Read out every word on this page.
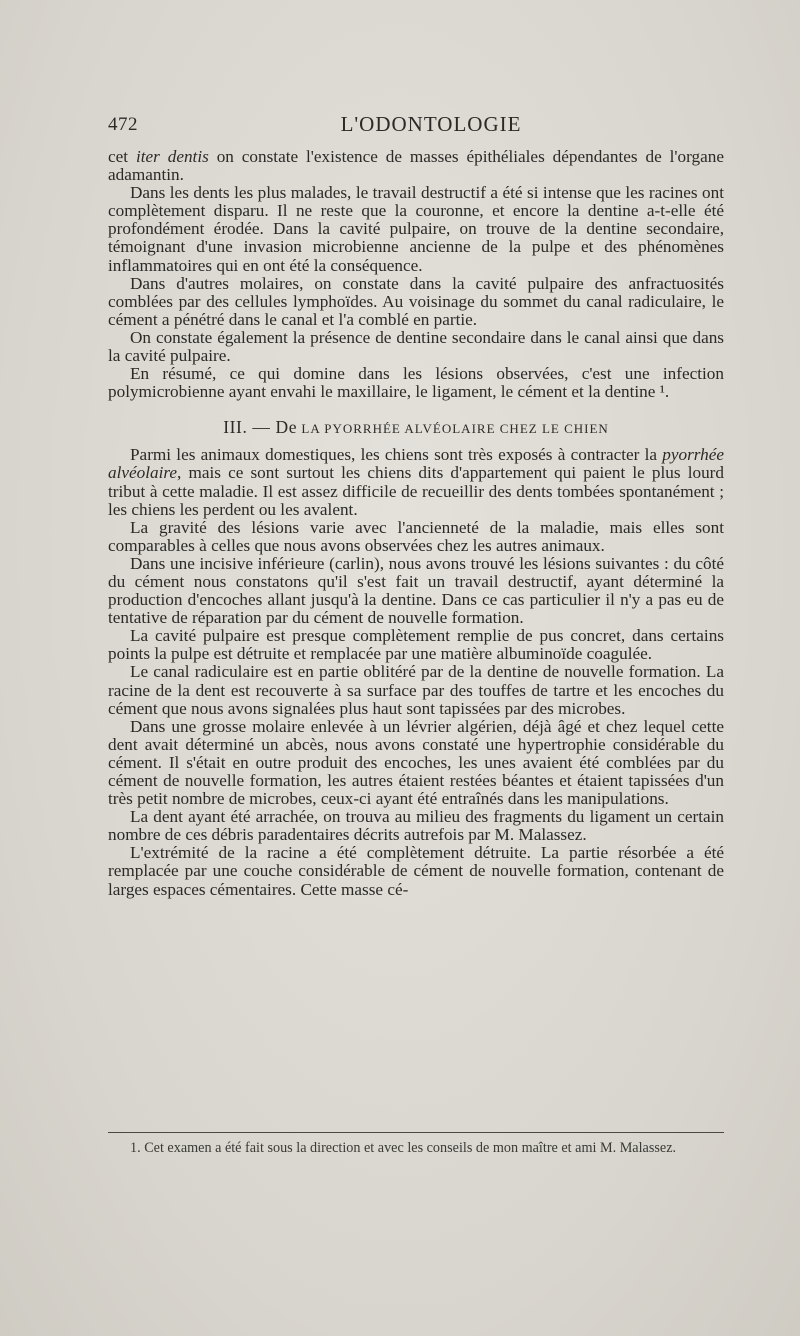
472	L'ODONTOLOGIE

cet iter dentis on constate l'existence de masses épithéliales dépendantes de l'organe adamantin.

Dans les dents les plus malades, le travail destructif a été si intense que les racines ont complètement disparu. Il ne reste que la couronne, et encore la dentine a-t-elle été profondément érodée. Dans la cavité pulpaire, on trouve de la dentine secondaire, témoignant d'une invasion microbienne ancienne de la pulpe et des phénomènes inflammatoires qui en ont été la conséquence.

Dans d'autres molaires, on constate dans la cavité pulpaire des anfractuosités comblées par des cellules lymphoïdes. Au voisinage du sommet du canal radiculaire, le cément a pénétré dans le canal et l'a comblé en partie.

On constate également la présence de dentine secondaire dans le canal ainsi que dans la cavité pulpaire.

En résumé, ce qui domine dans les lésions observées, c'est une infection polymicrobienne ayant envahi le maxillaire, le ligament, le cément et la dentine ¹.

III. — De LA PYORRHÉE ALVÉOLAIRE CHEZ LE CHIEN

Parmi les animaux domestiques, les chiens sont très exposés à contracter la pyorrhée alvéolaire, mais ce sont surtout les chiens dits d'appartement qui paient le plus lourd tribut à cette maladie. Il est assez difficile de recueillir des dents tombées spontanément ; les chiens les perdent ou les avalent.

La gravité des lésions varie avec l'ancienneté de la maladie, mais elles sont comparables à celles que nous avons observées chez les autres animaux.

Dans une incisive inférieure (carlin), nous avons trouvé les lésions suivantes : du côté du cément nous constatons qu'il s'est fait un travail destructif, ayant déterminé la production d'encoches allant jusqu'à la dentine. Dans ce cas particulier il n'y a pas eu de tentative de réparation par du cément de nouvelle formation.

La cavité pulpaire est presque complètement remplie de pus concret, dans certains points la pulpe est détruite et remplacée par une matière albuminoïde coagulée.

Le canal radiculaire est en partie oblitéré par de la dentine de nouvelle formation. La racine de la dent est recouverte à sa surface par des touffes de tartre et les encoches du cément que nous avons signalées plus haut sont tapissées par des microbes.

Dans une grosse molaire enlevée à un lévrier algérien, déjà âgé et chez lequel cette dent avait déterminé un abcès, nous avons constaté une hypertrophie considérable du cément. Il s'était en outre produit des encoches, les unes avaient été comblées par du cément de nouvelle formation, les autres étaient restées béantes et étaient tapissées d'un très petit nombre de microbes, ceux-ci ayant été entraînés dans les manipulations.

La dent ayant été arrachée, on trouva au milieu des fragments du ligament un certain nombre de ces débris paradentaires décrits autrefois par M. Malassez.

L'extrémité de la racine a été complètement détruite. La partie résorbée a été remplacée par une couche considérable de cément de nouvelle formation, contenant de larges espaces cémentaires. Cette masse cé-

1. Cet examen a été fait sous la direction et avec les conseils de mon maître et ami M. Malassez.
